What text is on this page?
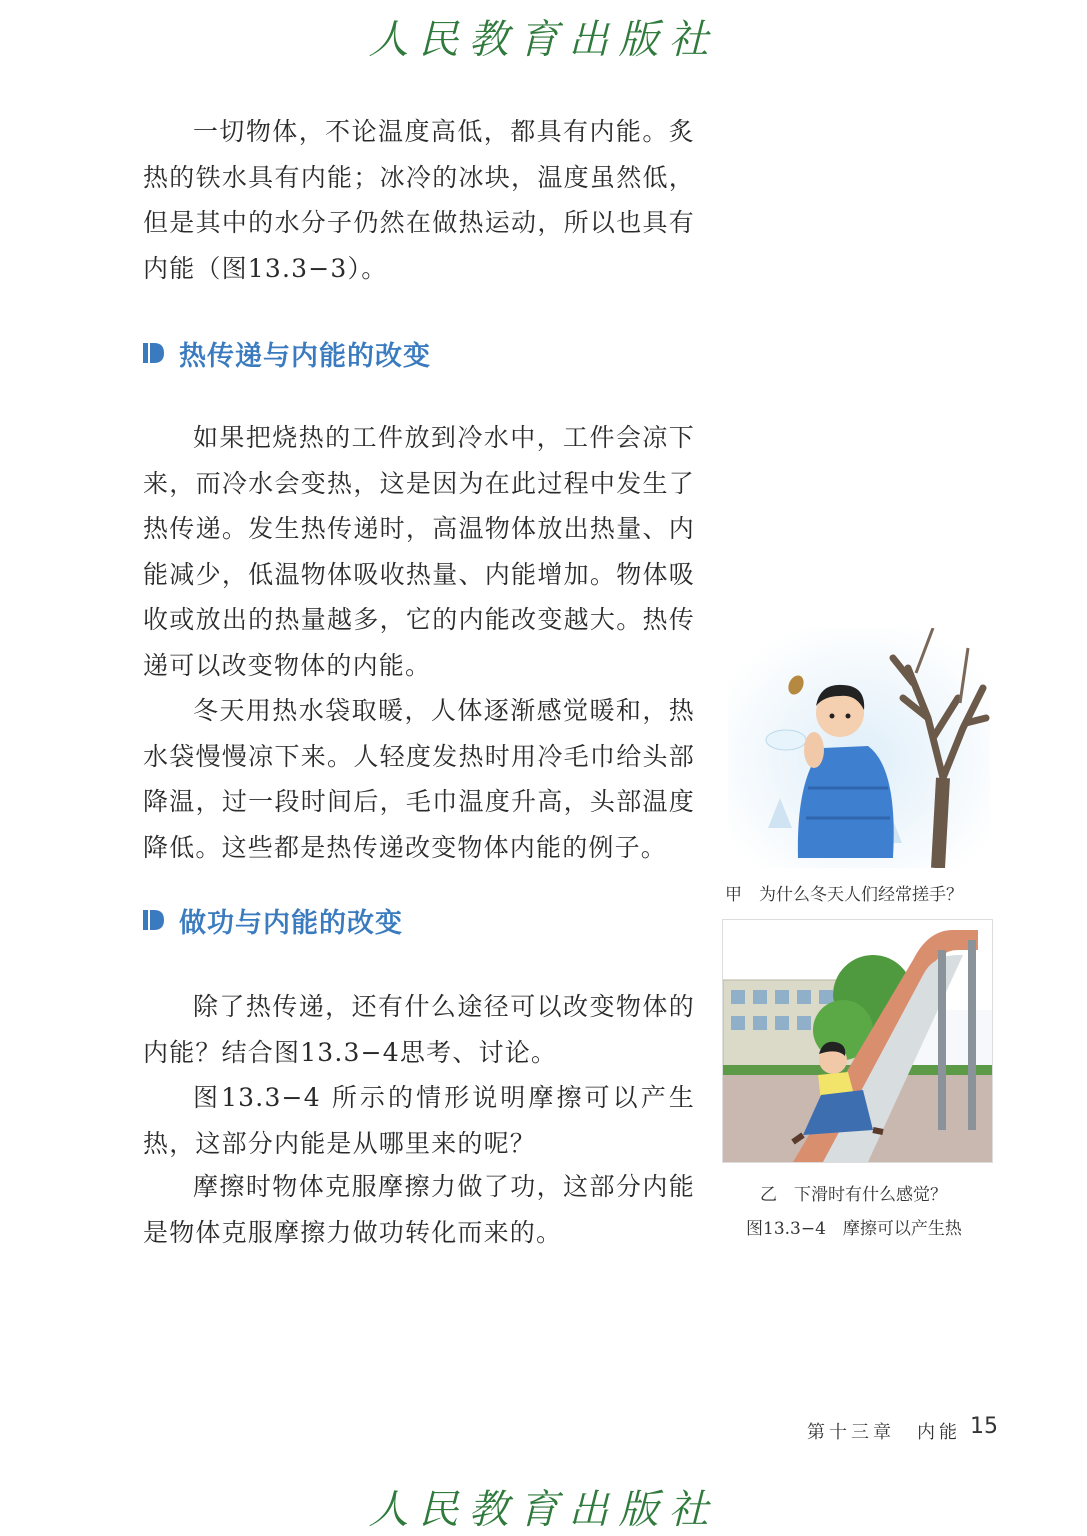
人民教育出版社

一切物体，不论温度高低，都具有内能。炙热的铁水具有内能；冰冷的冰块，温度虽然低，但是其中的水分子仍然在做热运动，所以也具有内能（图13.3−3）。

热传递与内能的改变

如果把烧热的工件放到冷水中，工件会凉下来，而冷水会变热，这是因为在此过程中发生了热传递。发生热传递时，高温物体放出热量、内能减少，低温物体吸收热量、内能增加。物体吸收或放出的热量越多，它的内能改变越大。热传递可以改变物体的内能。

冬天用热水袋取暖，人体逐渐感觉暖和，热水袋慢慢凉下来。人轻度发热时用冷毛巾给头部降温，过一段时间后，毛巾温度升高，头部温度降低。这些都是热传递改变物体内能的例子。

做功与内能的改变

除了热传递，还有什么途径可以改变物体的内能？结合图13.3−4思考、讨论。

图13.3−4 所示的情形说明摩擦可以产生热，这部分内能是从哪里来的呢？

摩擦时物体克服摩擦力做了功，这部分内能是物体克服摩擦力做功转化而来的。

甲　为什么冬天人们经常搓手？
乙　下滑时有什么感觉？
图13.3−4　摩擦可以产生热
第十三章　内能 15
人民教育出版社
